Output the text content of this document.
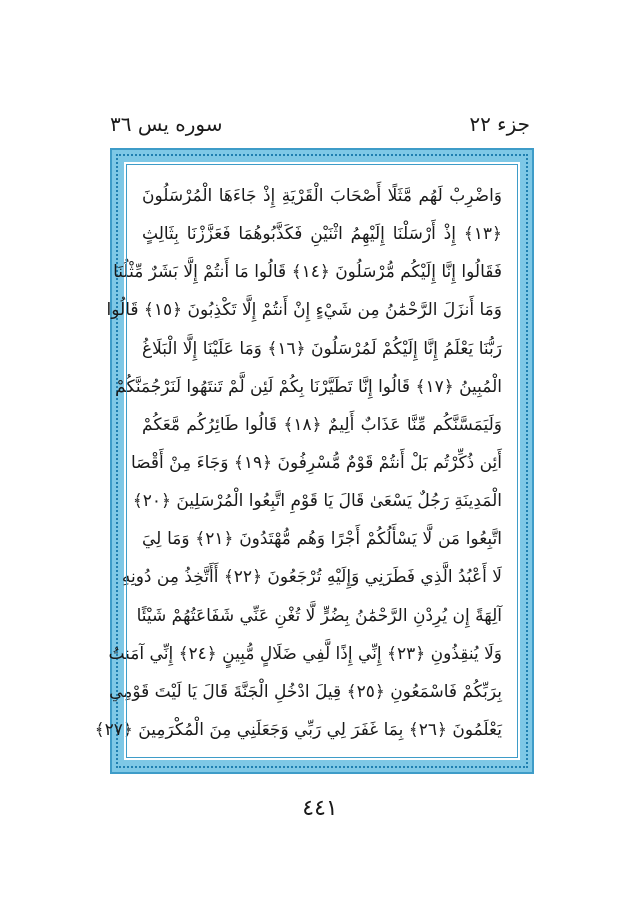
جزء ٢٢
سوره يس ٣٦
وَاضْرِبْ لَهُم مَّثَلًا أَصْحَابَ الْقَرْيَةِ إِذْ جَاءَهَا الْمُرْسَلُونَ
﴿١٣﴾ إِذْ أَرْسَلْنَا إِلَيْهِمُ اثْنَيْنِ فَكَذَّبُوهُمَا فَعَزَّزْنَا بِثَالِثٍ
فَقَالُوا إِنَّا إِلَيْكُم مُّرْسَلُونَ ﴿١٤﴾ قَالُوا مَا أَنتُمْ إِلَّا بَشَرٌ مِّثْلُنَا
وَمَا أَنزَلَ الرَّحْمَٰنُ مِن شَيْءٍ إِنْ أَنتُمْ إِلَّا تَكْذِبُونَ ﴿١٥﴾ قَالُوا
رَبُّنَا يَعْلَمُ إِنَّا إِلَيْكُمْ لَمُرْسَلُونَ ﴿١٦﴾ وَمَا عَلَيْنَا إِلَّا الْبَلَاغُ
الْمُبِينُ ﴿١٧﴾ قَالُوا إِنَّا تَطَيَّرْنَا بِكُمْ لَئِن لَّمْ تَنتَهُوا لَنَرْجُمَنَّكُمْ
وَلَيَمَسَّنَّكُم مِّنَّا عَذَابٌ أَلِيمٌ ﴿١٨﴾ قَالُوا طَائِرُكُم مَّعَكُمْ
أَئِن ذُكِّرْتُم بَلْ أَنتُمْ قَوْمٌ مُّسْرِفُونَ ﴿١٩﴾ وَجَاءَ مِنْ أَقْصَا
الْمَدِينَةِ رَجُلٌ يَسْعَىٰ قَالَ يَا قَوْمِ اتَّبِعُوا الْمُرْسَلِينَ ﴿٢٠﴾
اتَّبِعُوا مَن لَّا يَسْأَلُكُمْ أَجْرًا وَهُم مُّهْتَدُونَ ﴿٢١﴾ وَمَا لِيَ
لَا أَعْبُدُ الَّذِي فَطَرَنِي وَإِلَيْهِ تُرْجَعُونَ ﴿٢٢﴾ أَأَتَّخِذُ مِن دُونِهِ
آلِهَةً إِن يُرِدْنِ الرَّحْمَٰنُ بِضُرٍّ لَّا تُغْنِ عَنِّي شَفَاعَتُهُمْ شَيْئًا
وَلَا يُنقِذُونِ ﴿٢٣﴾ إِنِّي إِذًا لَّفِي ضَلَالٍ مُّبِينٍ ﴿٢٤﴾ إِنِّي آمَنتُ
بِرَبِّكُمْ فَاسْمَعُونِ ﴿٢٥﴾ قِيلَ ادْخُلِ الْجَنَّةَ قَالَ يَا لَيْتَ قَوْمِي
يَعْلَمُونَ ﴿٢٦﴾ بِمَا غَفَرَ لِي رَبِّي وَجَعَلَنِي مِنَ الْمُكْرَمِينَ ﴿٢٧﴾
٤٤١
